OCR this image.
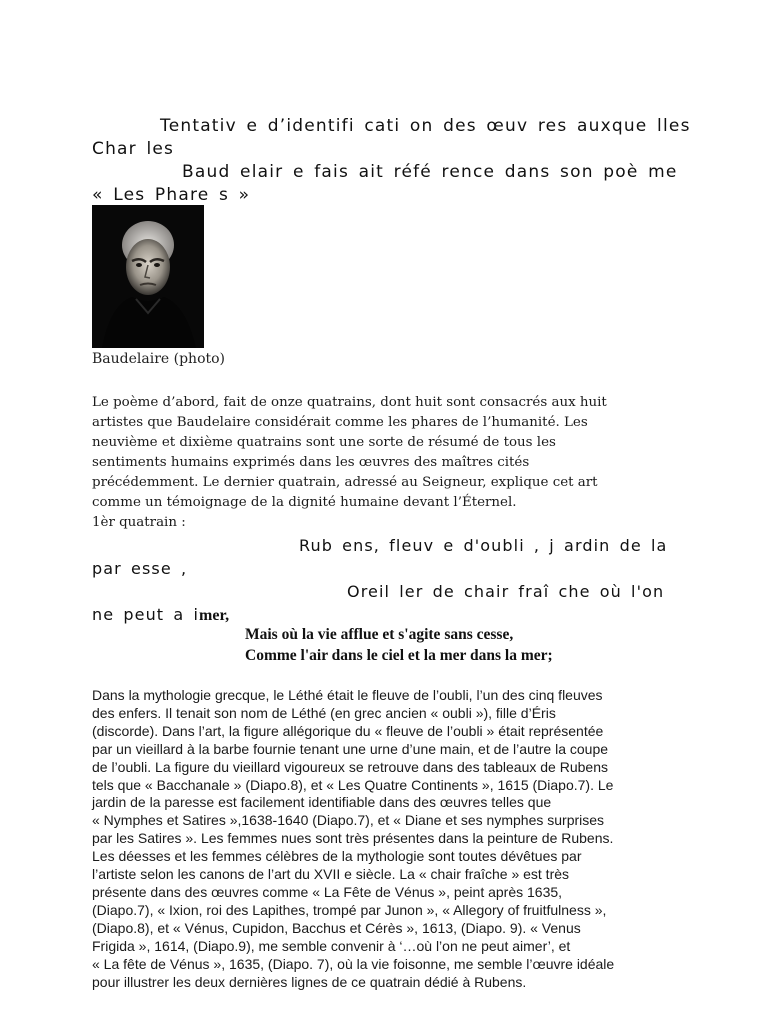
Tentativ e d’identifi cati on des œuv res auxque lles
Char les
Baud elair e fais ait réfé rence dans son poè me
« Les Phare s »
Baudelaire (photo)
Le poème d’abord, fait de onze quatrains, dont huit sont consacrés aux huit
artistes que Baudelaire considérait comme les phares de l’humanité. Les
neuvième et dixième quatrains sont une sorte de résumé de tous les
sentiments humains exprimés dans les œuvres des maîtres cités
précédemment. Le dernier quatrain, adressé au Seigneur, explique cet art
comme un témoignage de la dignité humaine devant l’Éternel.
1èr quatrain :
Rub ens, fleuv e d'oubli , j ardin de la
par esse ,
Oreil ler de chair fraî che où l'on
ne peut a imer,
Mais où la vie afflue et s'agite sans cesse,
Comme l'air dans le ciel et la mer dans la mer;
Dans la mythologie grecque, le Léthé était le fleuve de l’oubli, l’un des cinq fleuves
des enfers. Il tenait son nom de Léthé (en grec ancien « oubli »), fille d’Éris
(discorde). Dans l’art, la figure allégorique du « fleuve de l’oubli » était représentée
par un vieillard à la barbe fournie tenant une urne d’une main, et de l’autre la coupe
de l’oubli. La figure du vieillard vigoureux se retrouve dans des tableaux de Rubens
tels que « Bacchanale » (Diapo.8), et « Les Quatre Continents », 1615 (Diapo.7). Le
jardin de la paresse est facilement identifiable dans des œuvres telles que
« Nymphes et Satires »,1638-1640 (Diapo.7), et « Diane et ses nymphes surprises
par les Satires ». Les femmes nues sont très présentes dans la peinture de Rubens.
Les déesses et les femmes célèbres de la mythologie sont toutes dévêtues par
l’artiste selon les canons de l’art du XVII e siècle. La « chair fraîche » est très
présente dans des œuvres comme « La Fête de Vénus », peint après 1635,
(Diapo.7), « Ixion, roi des Lapithes, trompé par Junon », « Allegory of fruitfulness »,
(Diapo.8), et « Vénus, Cupidon, Bacchus et Cérès », 1613, (Diapo. 9). « Venus
Frigida », 1614, (Diapo.9), me semble convenir à ‘…où l’on ne peut aimer’, et
« La fête de Vénus », 1635, (Diapo. 7), où la vie foisonne, me semble l’œuvre idéale
pour illustrer les deux dernières lignes de ce quatrain dédié à Rubens.
